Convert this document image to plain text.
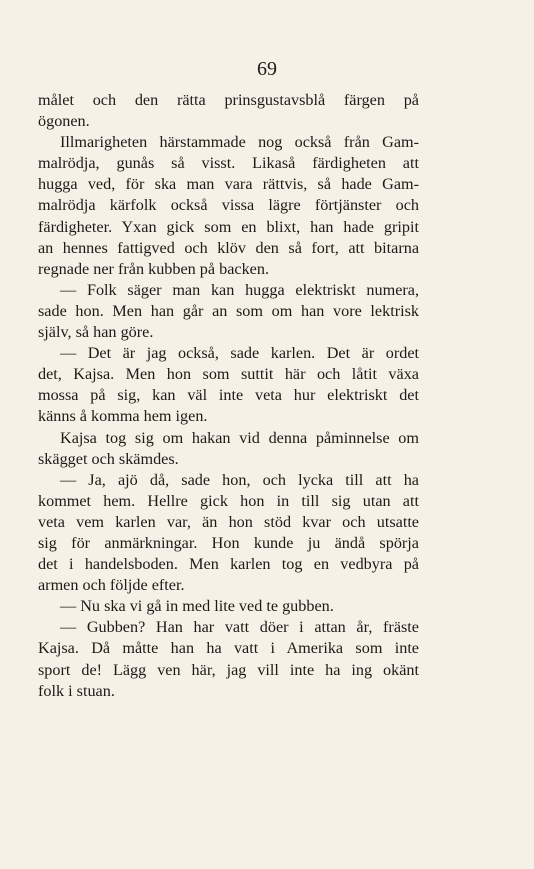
69
målet och den rätta prinsgustavsblå färgen på
ögonen.
Illmarigheten härstammade nog också från Gam-
malrödja, gunås så visst. Likaså färdigheten att
hugga ved, för ska man vara rättvis, så hade Gam-
malrödja kärfolk också vissa lägre förtjänster och
färdigheter. Yxan gick som en blixt, han hade gripit
an hennes fattigved och klöv den så fort, att bitarna
regnade ner från kubben på backen.
— Folk säger man kan hugga elektriskt numera,
sade hon. Men han går an som om han vore lektrisk
själv, så han göre.
— Det är jag också, sade karlen. Det är ordet
det, Kajsa. Men hon som suttit här och låtit växa
mossa på sig, kan väl inte veta hur elektriskt det
känns å komma hem igen.
Kajsa tog sig om hakan vid denna påminnelse om
skägget och skämdes.
— Ja, ajö då, sade hon, och lycka till att ha
kommet hem. Hellre gick hon in till sig utan att
veta vem karlen var, än hon stöd kvar och utsatte
sig för anmärkningar. Hon kunde ju ändå spörja
det i handelsboden. Men karlen tog en vedbyra på
armen och följde efter.
— Nu ska vi gå in med lite ved te gubben.
— Gubben? Han har vatt döer i attan år, fräste
Kajsa. Då måtte han ha vatt i Amerika som inte
sport de! Lägg ven här, jag vill inte ha ing okänt
folk i stuan.
